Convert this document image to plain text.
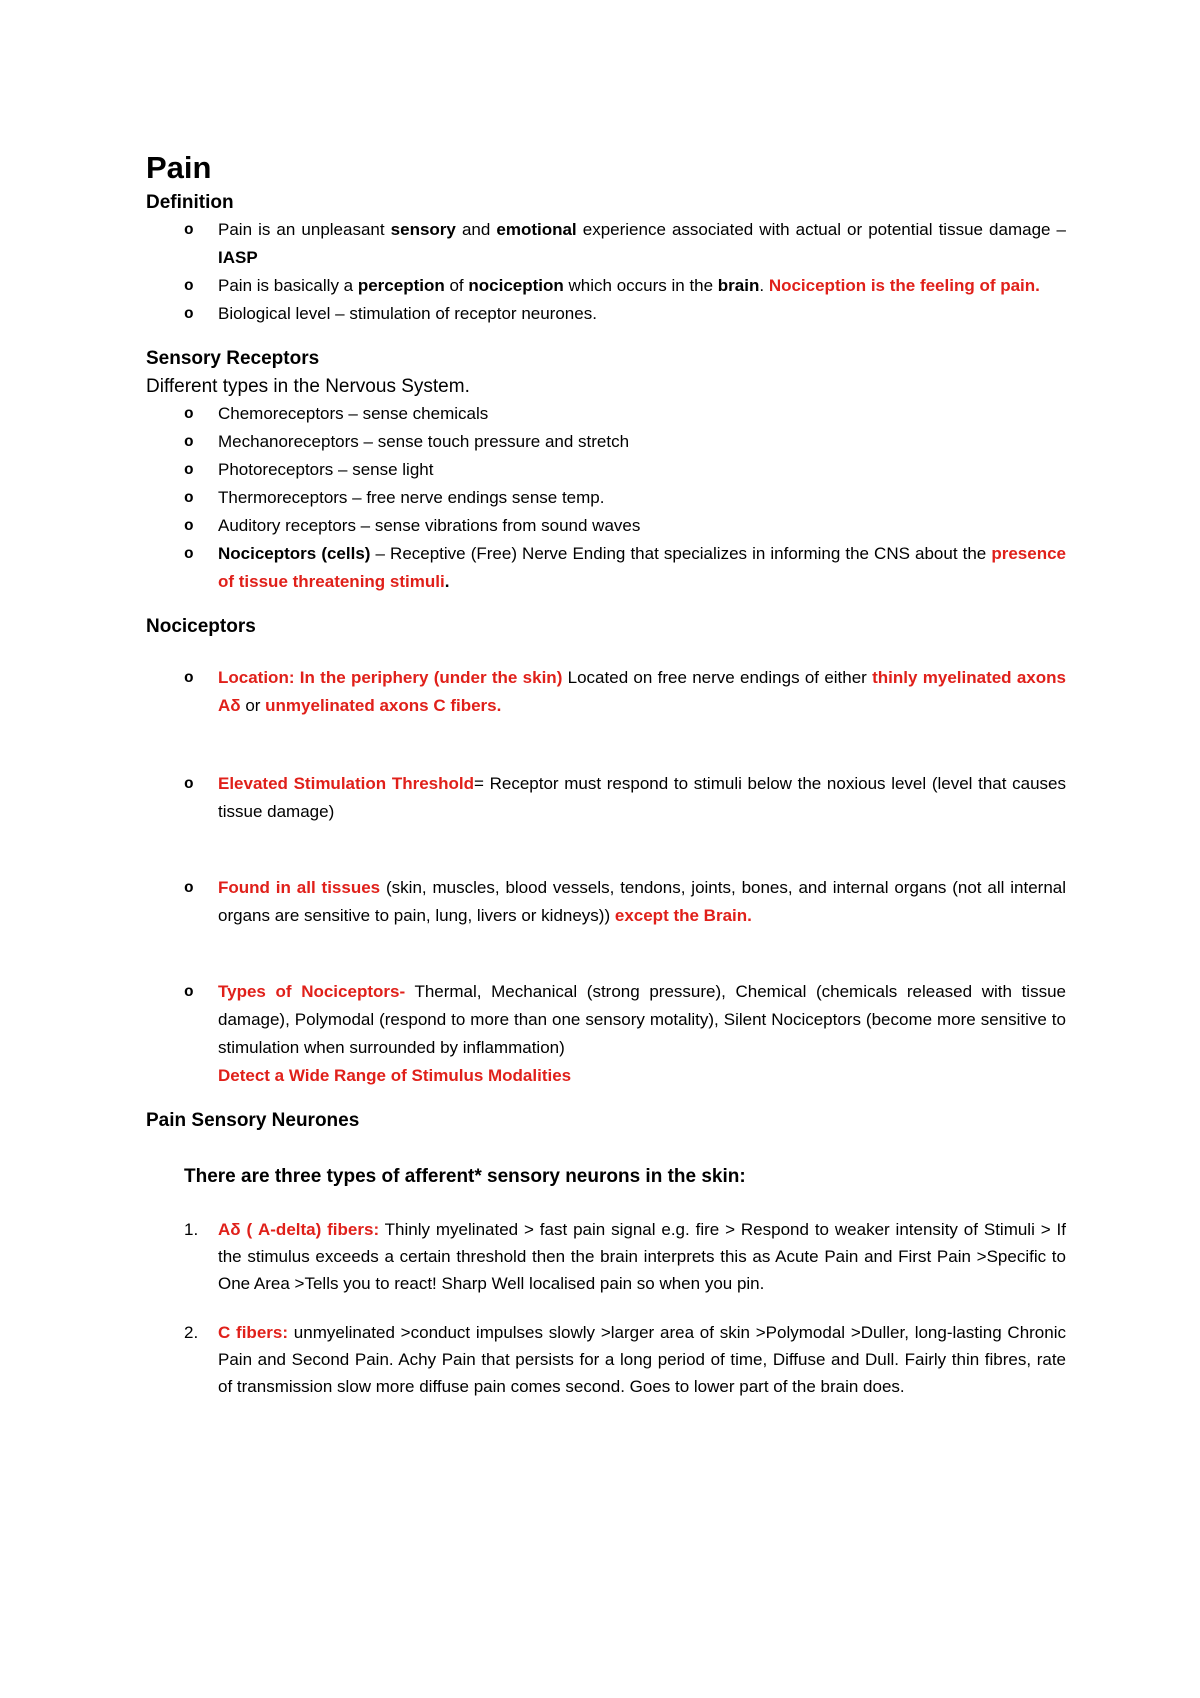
Pain
Definition
o Pain is an unpleasant sensory and emotional experience associated with actual or potential tissue damage – IASP
o Pain is basically a perception of nociception which occurs in the brain. Nociception is the feeling of pain.
o Biological level – stimulation of receptor neurones.
Sensory Receptors
Different types in the Nervous System.
o Chemoreceptors – sense chemicals
o Mechanoreceptors – sense touch pressure and stretch
o Photoreceptors – sense light
o Thermoreceptors – free nerve endings sense temp.
o Auditory receptors – sense vibrations from sound waves
o Nociceptors (cells) – Receptive (Free) Nerve Ending that specializes in informing the CNS about the presence of tissue threatening stimuli.
Nociceptors
o Location: In the periphery (under the skin) Located on free nerve endings of either thinly myelinated axons Aδ or unmyelinated axons C fibers.
o Elevated Stimulation Threshold= Receptor must respond to stimuli below the noxious level (level that causes tissue damage)
o Found in all tissues (skin, muscles, blood vessels, tendons, joints, bones, and internal organs (not all internal organs are sensitive to pain, lung, livers or kidneys)) except the Brain.
o Types of Nociceptors- Thermal, Mechanical (strong pressure), Chemical (chemicals released with tissue damage), Polymodal (respond to more than one sensory motality), Silent Nociceptors (become more sensitive to stimulation when surrounded by inflammation)
Detect a Wide Range of Stimulus Modalities
Pain Sensory Neurones
There are three types of afferent* sensory neurons in the skin:
1. Aδ ( A-delta) fibers: Thinly myelinated > fast pain signal e.g. fire > Respond to weaker intensity of Stimuli > If the stimulus exceeds a certain threshold then the brain interprets this as Acute Pain and First Pain >Specific to One Area >Tells you to react! Sharp Well localised pain so when you pin.
2. C fibers: unmyelinated >conduct impulses slowly >larger area of skin >Polymodal >Duller, long-lasting Chronic Pain and Second Pain. Achy Pain that persists for a long period of time, Diffuse and Dull. Fairly thin fibres, rate of transmission slow more diffuse pain comes second. Goes to lower part of the brain does.
